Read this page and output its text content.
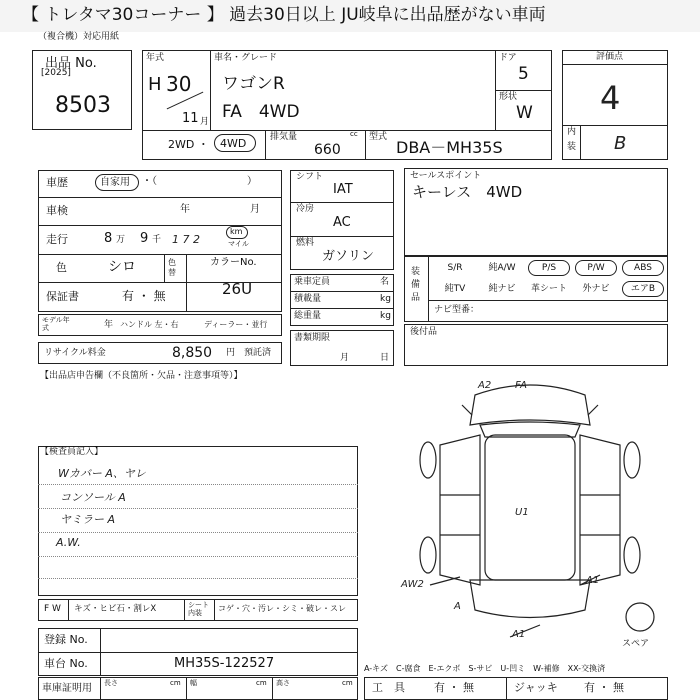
【 トレタマ30コーナー 】 過去30日以上 JU岐阜に出品歴がない車両
（複合機）対応用紙
出品 No.
[2025]
8503
年式
H 30
11 月
車名・グレード
ワゴンR
FA　4WD
ドア
5
形状
W
2WD ・ 4WD	排気量	cc
660
型式
DBA－MH35S
評価点
4
内
装 B
車歴	自家用 ・（　　　　　　　　　）
車検	年	月
走行	8 万 9 千 1 7 2
km
マイル
色	シロ	色替
カラーNo.
26U
保証書	有 ・ 無
モデル年式	年 ハンドル 左・右	ディーラー・並行
リサイクル料金	8,850 円 預託済
【出品店申告欄（不良箇所・欠品・注意事項等）】
シフト
IAT
冷房
AC
燃料
ガソリン
乗車定員	名
積載量	kg
総重量	kg
書類期限
月	日
セールスポイント
キーレス　4WD
装備品
S/R	純A/W	P/S	P/W	ABS
純TV	純ナビ	革シート	外ナビ	エアB
ナビ型番：
後付品
【検査員記入】
Wカバー A、ヤレ
コンソール A
ヤミラー A
A.W.
A2 FA
U1
AW2
A
A1
A1
スペア
F W キズ・ヒビ石・割レX	シート内装	コゲ・穴・汚レ・シミ・破レ・スレ
登録 No.
車台 No.	MH35S-122527
車庫証明用 長さ	cm 幅	cm 高さ	cm
A-キズ　C-腐食　E-エクボ　S-サビ　U-凹ミ　W-補修　XX-交換済
工　具	有 ・ 無	ジャッキ 有 ・ 無
